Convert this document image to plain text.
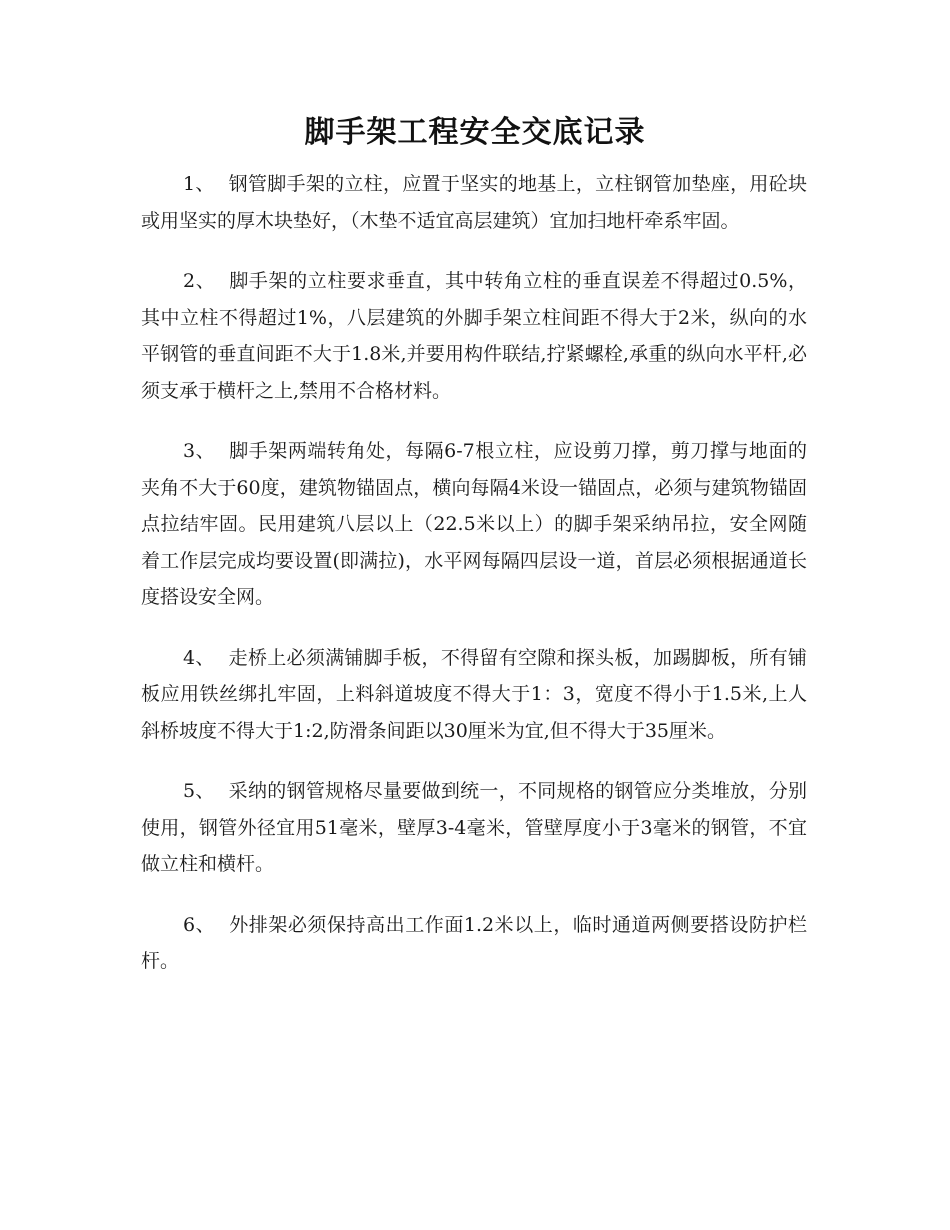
脚手架工程安全交底记录

1、 钢管脚手架的立柱，应置于坚实的地基上，立柱钢管加垫座，用砼块或用坚实的厚木块垫好，（木垫不适宜高层建筑）宜加扫地杆牵系牢固。

2、 脚手架的立柱要求垂直，其中转角立柱的垂直误差不得超过0.5%，其中立柱不得超过1%，八层建筑的外脚手架立柱间距不得大于2米，纵向的水平钢管的垂直间距不大于1.8米,并要用构件联结,拧紧螺栓,承重的纵向水平杆,必须支承于横杆之上,禁用不合格材料。

3、 脚手架两端转角处，每隔6-7根立柱，应设剪刀撑，剪刀撑与地面的夹角不大于60度，建筑物锚固点，横向每隔4米设一锚固点，必须与建筑物锚固点拉结牢固。民用建筑八层以上（22.5米以上）的脚手架采纳吊拉，安全网随着工作层完成均要设置(即满拉)，水平网每隔四层设一道，首层必须根据通道长度搭设安全网。

4、 走桥上必须满铺脚手板，不得留有空隙和探头板，加踢脚板，所有铺板应用铁丝绑扎牢固，上料斜道坡度不得大于1：3，宽度不得小于1.5米,上人斜桥坡度不得大于1:2,防滑条间距以30厘米为宜,但不得大于35厘米。

5、 采纳的钢管规格尽量要做到统一，不同规格的钢管应分类堆放，分别使用，钢管外径宜用51毫米，壁厚3-4毫米，管壁厚度小于3毫米的钢管，不宜做立柱和横杆。

6、 外排架必须保持高出工作面1.2米以上，临时通道两侧要搭设防护栏杆。
